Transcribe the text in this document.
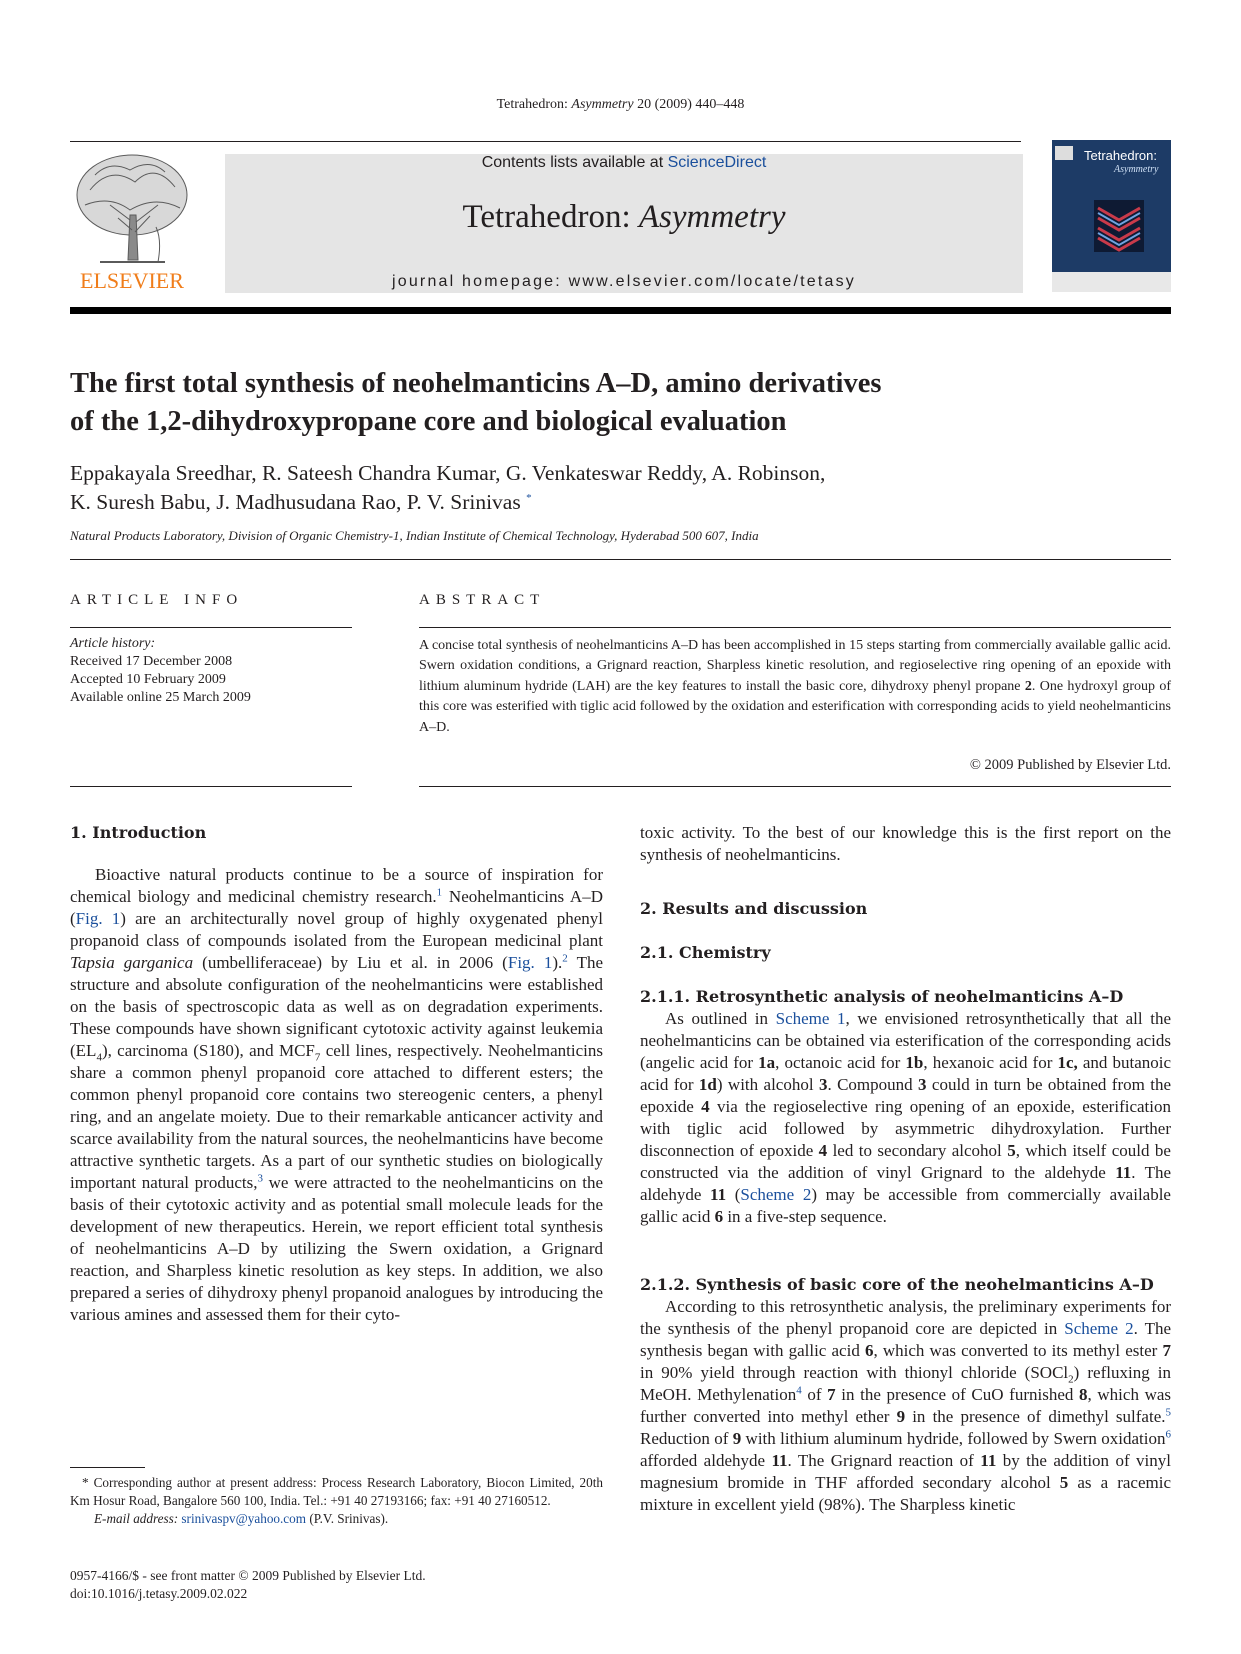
Tetrahedron: Asymmetry 20 (2009) 440–448
ELSEVIER
Contents lists available at ScienceDirect
Tetrahedron: Asymmetry
journal homepage: www.elsevier.com/locate/tetasy
Tetrahedron:
Asymmetry
The first total synthesis of neohelmanticins A–D, amino derivatives
of the 1,2-dihydroxypropane core and biological evaluation
Eppakayala Sreedhar, R. Sateesh Chandra Kumar, G. Venkateswar Reddy, A. Robinson,
K. Suresh Babu, J. Madhusudana Rao, P. V. Srinivas *
Natural Products Laboratory, Division of Organic Chemistry-1, Indian Institute of Chemical Technology, Hyderabad 500 607, India
ARTICLE INFO	ABSTRACT
Article history:
Received 17 December 2008
Accepted 10 February 2009
Available online 25 March 2009
A concise total synthesis of neohelmanticins A–D has been accomplished in 15 steps starting from commercially available gallic acid. Swern oxidation conditions, a Grignard reaction, Sharpless kinetic resolution, and regioselective ring opening of an epoxide with lithium aluminum hydride (LAH) are the key features to install the basic core, dihydroxy phenyl propane 2. One hydroxyl group of this core was esterified with tiglic acid followed by the oxidation and esterification with corresponding acids to yield neohelmanticins A–D.
© 2009 Published by Elsevier Ltd.
1. Introduction

Bioactive natural products continue to be a source of inspiration for chemical biology and medicinal chemistry research.$^1$ Neohelmanticins A–D (Fig. 1) are an architecturally novel group of highly oxygenated phenyl propanoid class of compounds isolated from the European medicinal plant Tapsia garganica (umbelliferaceae) by Liu et al. in 2006 (Fig. 1).$^2$ The structure and absolute configuration of the neohelmanticins were established on the basis of spectroscopic data as well as on degradation experiments. These compounds have shown significant cytotoxic activity against leukemia $(EL_4)$, carcinoma (S180), and $MCF_7$ cell lines, respectively. Neohelmanticins share a common phenyl propanoid core attached to different esters; the common phenyl propanoid core contains two stereogenic centers, a phenyl ring, and an angelate moiety. Due to their remarkable anticancer activity and scarce availability from the natural sources, the neohelmanticins have become attractive synthetic targets. As a part of our synthetic studies on biologically important natural products,$^3$ we were attracted to the neohelmanticins on the basis of their cytotoxic activity and as potential small molecule leads for the development of new therapeutics. Herein, we report efficient total synthesis of neohelmanticins A–D by utilizing the Swern oxidation, a Grignard reaction, and Sharpless kinetic resolution as key steps. In addition, we also prepared a series of dihydroxy phenyl propanoid analogues by introducing the various amines and assessed them for their cyto-

* Corresponding author at present address: Process Research Laboratory, Biocon Limited, 20th Km Hosur Road, Bangalore 560 100, India. Tel.: +91 40 27193166; fax: +91 40 27160512.
E-mail address: srinivaspv@yahoo.com (P.V. Srinivas).
0957-4166/$ - see front matter © 2009 Published by Elsevier Ltd.
doi:10.1016/j.tetasy.2009.02.022
toxic activity. To the best of our knowledge this is the first report on the synthesis of neohelmanticins.
2. Results and discussion
2.1. Chemistry
2.1.1. Retrosynthetic analysis of neohelmanticins A–D

As outlined in Scheme 1, we envisioned retrosynthetically that all the neohelmanticins can be obtained via esterification of the corresponding acids (angelic acid for 1a, octanoic acid for 1b, hexanoic acid for 1c, and butanoic acid for 1d) with alcohol 3. Compound 3 could in turn be obtained from the epoxide 4 via the regioselective ring opening of an epoxide, esterification with tiglic acid followed by asymmetric dihydroxylation. Further disconnection of epoxide 4 led to secondary alcohol 5, which itself could be constructed via the addition of vinyl Grignard to the aldehyde 11. The aldehyde 11 (Scheme 2) may be accessible from commercially available gallic acid 6 in a five-step sequence.

2.1.2. Synthesis of basic core of the neohelmanticins A–D

According to this retrosynthetic analysis, the preliminary experiments for the synthesis of the phenyl propanoid core are depicted in Scheme 2. The synthesis began with gallic acid 6, which was converted to its methyl ester 7 in 90% yield through reaction with thionyl chloride (SOCl$_2$) refluxing in MeOH. Methylenation$^4$ of 7 in the presence of CuO furnished 8, which was further converted into methyl ether 9 in the presence of dimethyl sulfate.$^5$ Reduction of 9 with lithium aluminum hydride, followed by Swern oxidation$^6$ afforded aldehyde 11. The Grignard reaction of 11 by the addition of vinyl magnesium bromide in THF afforded secondary alcohol 5 as a racemic mixture in excellent yield (98%). The Sharpless kinetic
